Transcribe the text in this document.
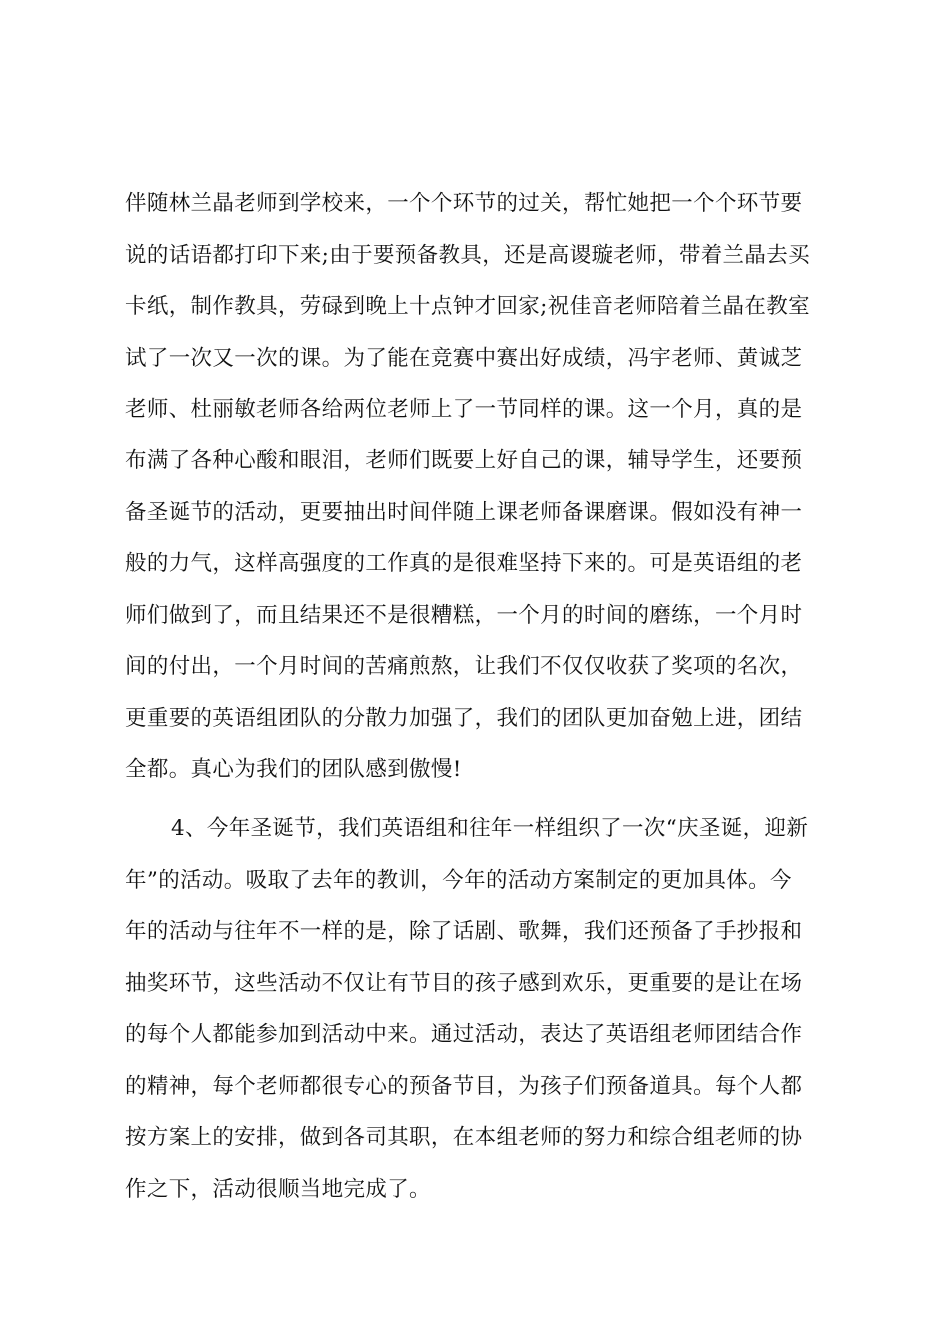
伴随林兰晶老师到学校来，一个个环节的过关，帮忙她把一个个环节要
说的话语都打印下来;由于要预备教具，还是高谡璇老师，带着兰晶去买
卡纸，制作教具，劳碌到晚上十点钟才回家;祝佳音老师陪着兰晶在教室
试了一次又一次的课。为了能在竞赛中赛出好成绩，冯宇老师、黄诚芝
老师、杜丽敏老师各给两位老师上了一节同样的课。这一个月，真的是
布满了各种心酸和眼泪，老师们既要上好自己的课，辅导学生，还要预
备圣诞节的活动，更要抽出时间伴随上课老师备课磨课。假如没有神一
般的力气，这样高强度的工作真的是很难坚持下来的。可是英语组的老
师们做到了，而且结果还不是很糟糕，一个月的时间的磨练，一个月时
间的付出，一个月时间的苦痛煎熬，让我们不仅仅收获了奖项的名次，
更重要的英语组团队的分散力加强了，我们的团队更加奋勉上进，团结
全都。真心为我们的团队感到傲慢!
4、今年圣诞节，我们英语组和往年一样组织了一次“庆圣诞，迎新
年”的活动。吸取了去年的教训，今年的活动方案制定的更加具体。今
年的活动与往年不一样的是，除了话剧、歌舞，我们还预备了手抄报和
抽奖环节，这些活动不仅让有节目的孩子感到欢乐，更重要的是让在场
的每个人都能参加到活动中来。通过活动，表达了英语组老师团结合作
的精神，每个老师都很专心的预备节目，为孩子们预备道具。每个人都
按方案上的安排，做到各司其职，在本组老师的努力和综合组老师的协
作之下，活动很顺当地完成了。
